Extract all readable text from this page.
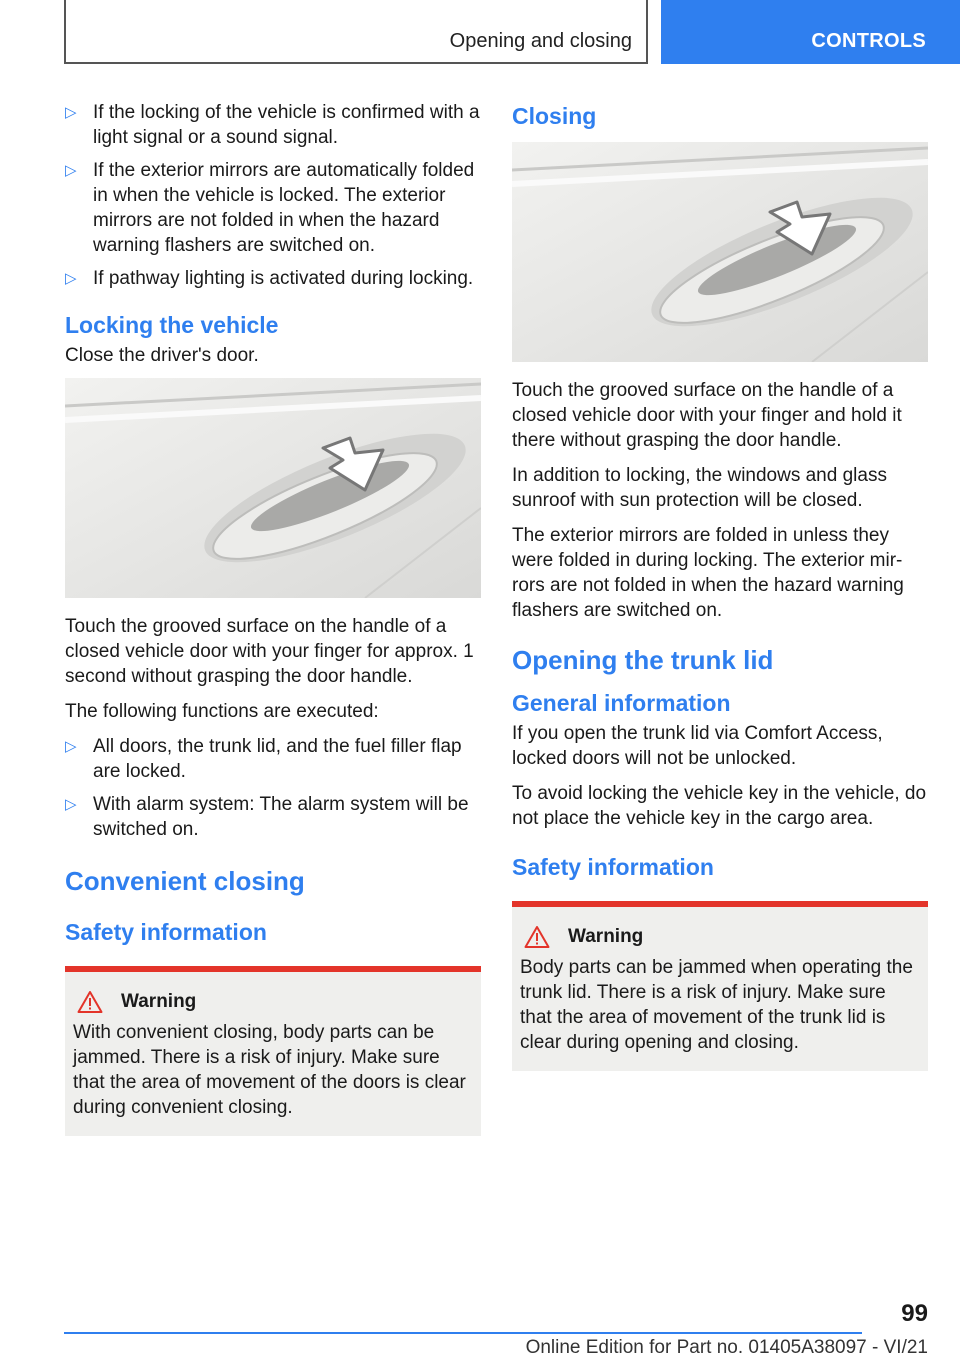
Opening and closing	CONTROLS
▷ If the locking of the vehicle is confirmed with a light signal or a sound signal.
▷ If the exterior mirrors are automatically folded in when the vehicle is locked. The exterior mirrors are not folded in when the hazard warning flashers are switched on.
▷ If pathway lighting is activated during locking.
Locking the vehicle

Close the driver's door.

Touch the grooved surface on the handle of a closed vehicle door with your finger for approx. 1 second without grasping the door handle.

The following functions are executed:

▷ All doors, the trunk lid, and the fuel filler flap are locked.
▷ With alarm system: The alarm system will be switched on.
Convenient closing
Safety information
Warning

With convenient closing, body parts can be jammed. There is a risk of injury. Make sure that the area of movement of the doors is clear during convenient closing.

Closing

Touch the grooved surface on the handle of a closed vehicle door with your finger and hold it there without grasping the door handle.

In addition to locking, the windows and glass sunroof with sun protection will be closed.

The exterior mirrors are folded in unless they were folded in during locking. The exterior mir-rors are not folded in when the hazard warning flashers are switched on.

Opening the trunk lid
General information

If you open the trunk lid via Comfort Access, locked doors will not be unlocked.

To avoid locking the vehicle key in the vehicle, do not place the vehicle key in the cargo area.

Safety information
Warning

Body parts can be jammed when operating the trunk lid. There is a risk of injury. Make sure that the area of movement of the trunk lid is clear during opening and closing.

99
Online Edition for Part no. 01405A38097 - VI/21
